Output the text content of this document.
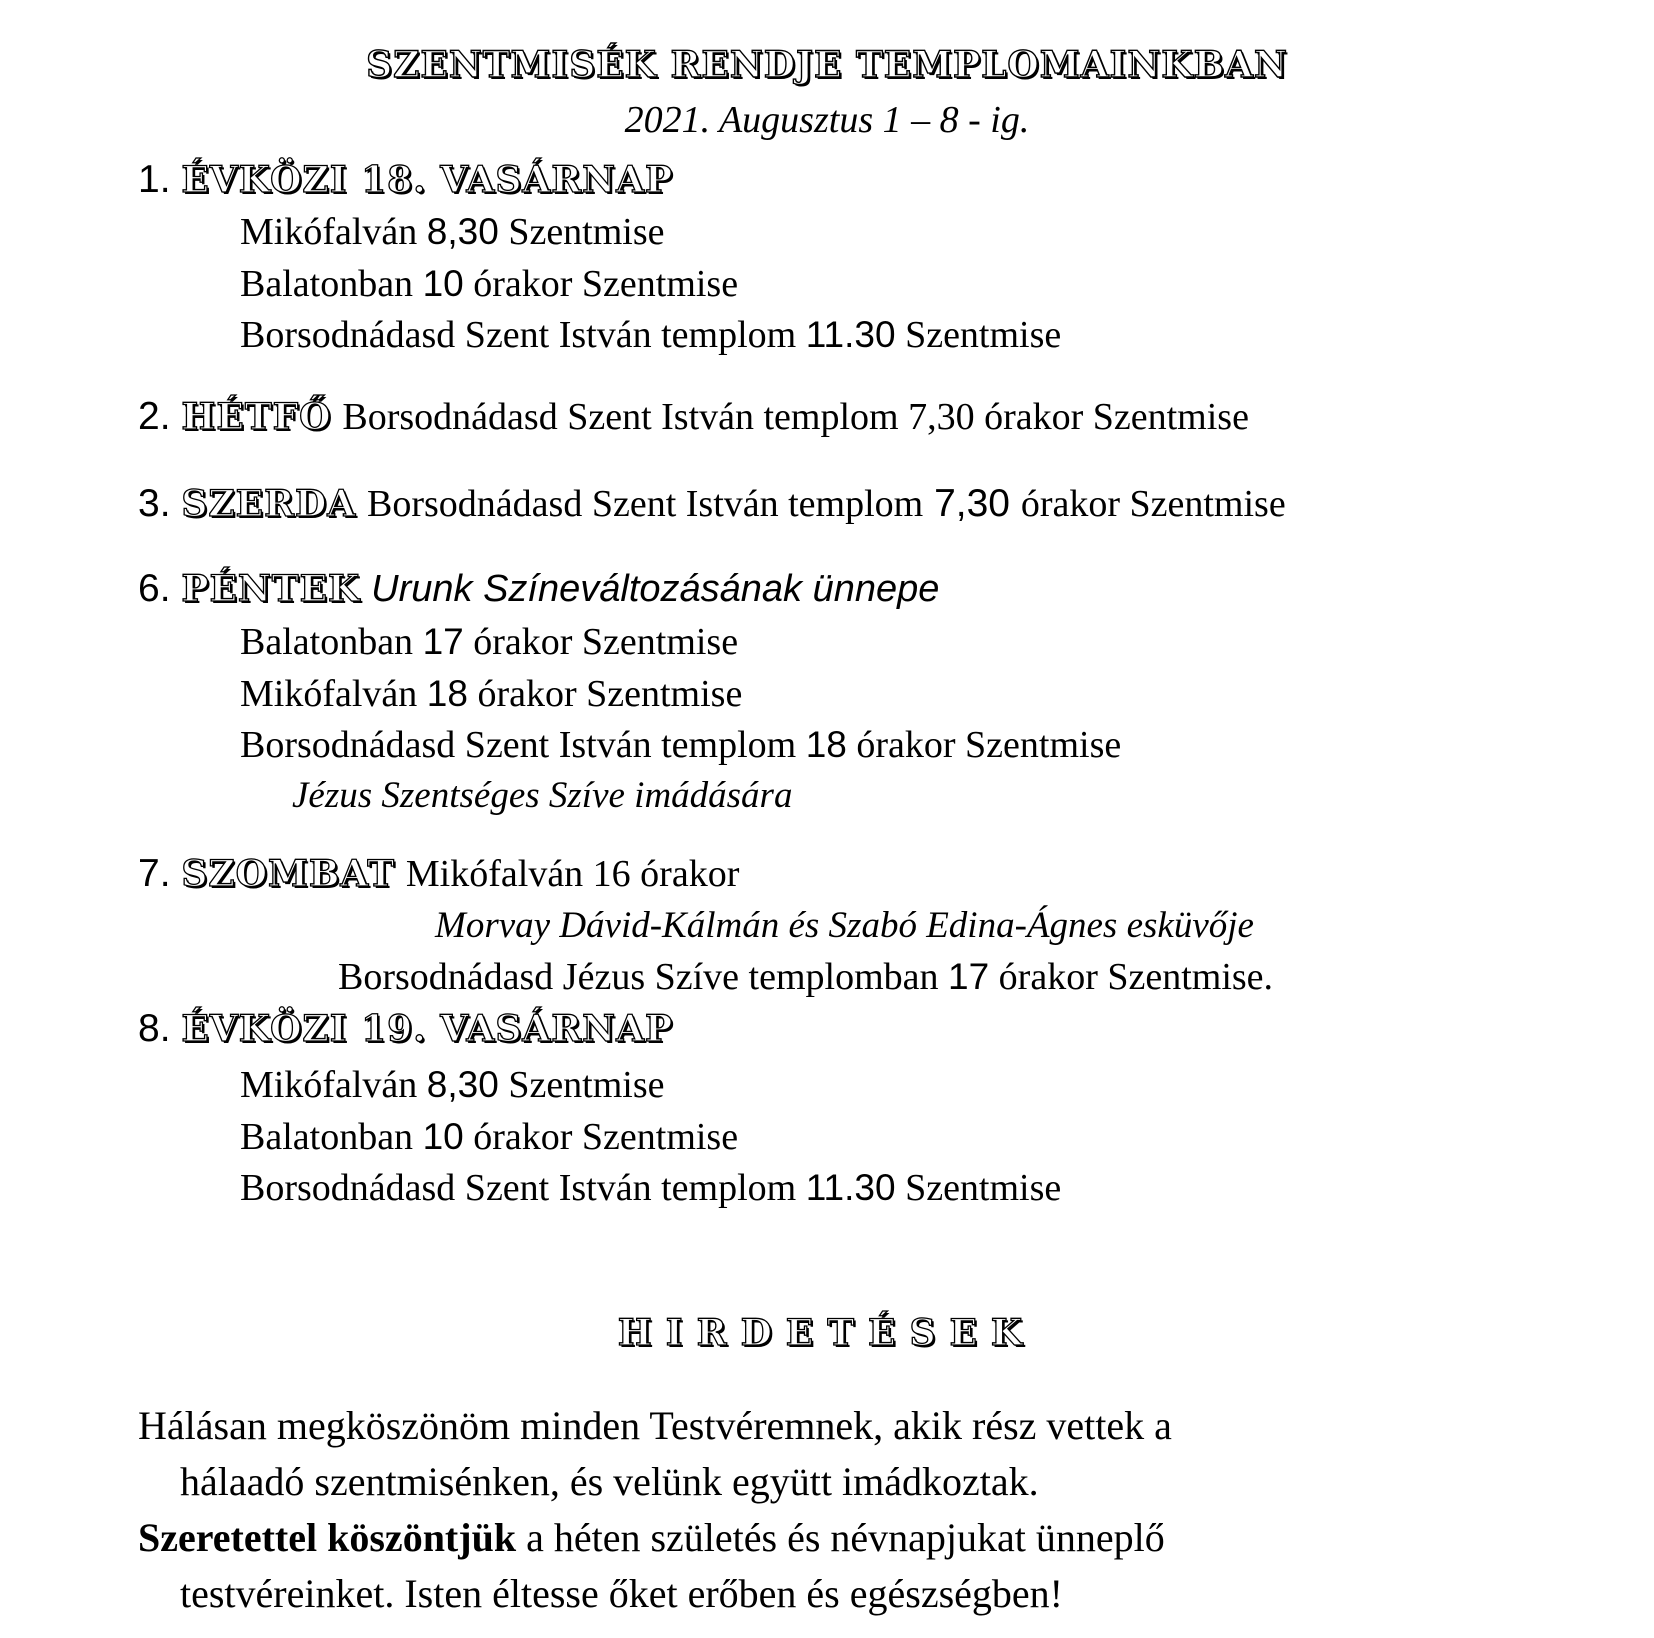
SZENTMISÉK RENDJE TEMPLOMAINKBAN
2021. Augusztus 1 – 8 - ig.
1. ÉVKÖZI 18. VASÁRNAP
Mikófalván 8,30 Szentmise
Balatonban 10 órakor Szentmise
Borsodnádasd Szent István templom 11.30 Szentmise
2. HÉTFŐ Borsodnádasd Szent István templom 7,30 órakor Szentmise
3. SZERDA Borsodnádasd Szent István templom 7,30 órakor Szentmise
6. PÉNTEK Urunk Színeváltozásának ünnepe
Balatonban 17 órakor Szentmise
Mikófalván 18 órakor Szentmise
Borsodnádasd Szent István templom 18 órakor Szentmise
Jézus Szentséges Szíve imádására
7. SZOMBAT Mikófalván 16 órakor
Morvay Dávid-Kálmán és Szabó Edina-Ágnes esküvője
Borsodnádasd Jézus Szíve templomban 17 órakor Szentmise.
8. ÉVKÖZI 19. VASÁRNAP
Mikófalván 8,30 Szentmise
Balatonban 10 órakor Szentmise
Borsodnádasd Szent István templom 11.30 Szentmise
HIRDETÉSEK
Hálásan megköszönöm minden Testvéremnek, akik rész vettek a
hálaadó szentmisénken, és velünk együtt imádkoztak.
Szeretettel köszöntjük a héten születés és névnapjukat ünneplő
testvéreinket. Isten éltesse őket erőben és egészségben!
